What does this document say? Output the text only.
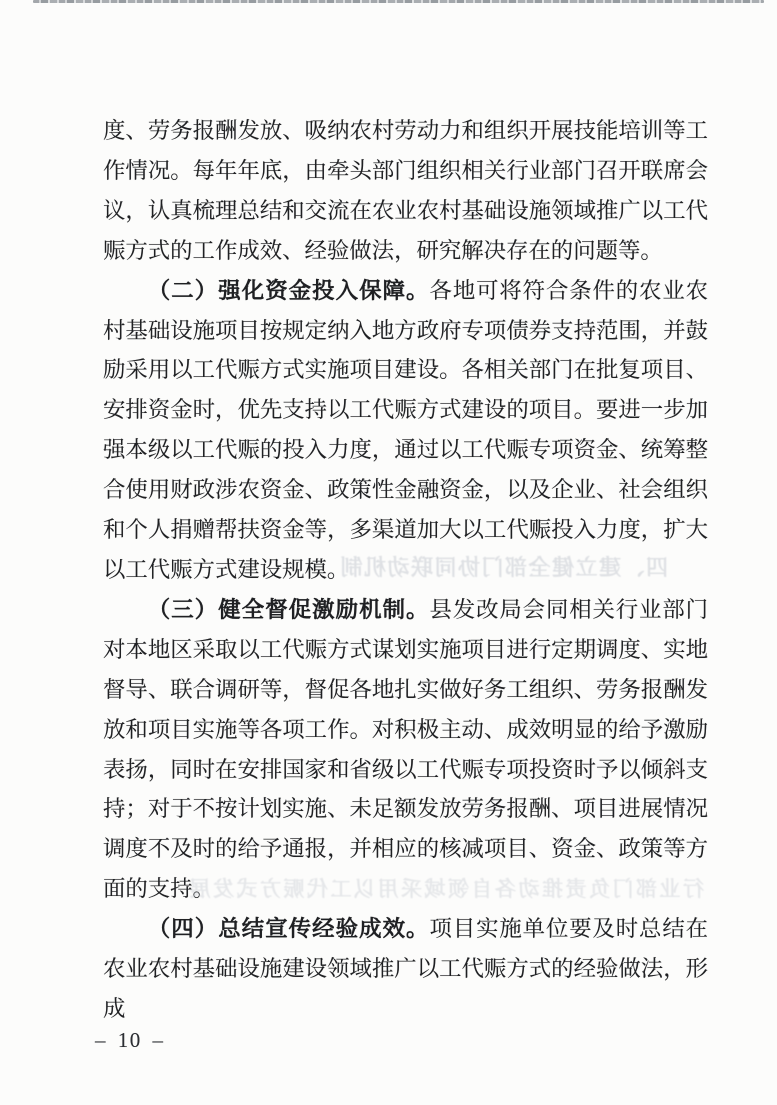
度、劳务报酬发放、吸纳农村劳动力和组织开展技能培训等工作情况。每年年底，由牵头部门组织相关行业部门召开联席会议，认真梳理总结和交流在农业农村基础设施领域推广以工代赈方式的工作成效、经验做法，研究解决存在的问题等。

（二）强化资金投入保障。各地可将符合条件的农业农村基础设施项目按规定纳入地方政府专项债券支持范围，并鼓励采用以工代赈方式实施项目建设。各相关部门在批复项目、安排资金时，优先支持以工代赈方式建设的项目。要进一步加强本级以工代赈的投入力度，通过以工代赈专项资金、统筹整合使用财政涉农资金、政策性金融资金，以及企业、社会组织和个人捐赠帮扶资金等，多渠道加大以工代赈投入力度，扩大以工代赈方式建设规模。

（三）健全督促激励机制。县发改局会同相关行业部门对本地区采取以工代赈方式谋划实施项目进行定期调度、实地督导、联合调研等，督促各地扎实做好务工组织、劳务报酬发放和项目实施等各项工作。对积极主动、成效明显的给予激励表扬，同时在安排国家和省级以工代赈专项投资时予以倾斜支持；对于不按计划实施、未足额发放劳务报酬、项目进展情况调度不及时的给予通报，并相应的核减项目、资金、政策等方面的支持。

（四）总结宣传经验成效。项目实施单位要及时总结在农业农村基础设施建设领域推广以工代赈方式的经验做法，形成

四、建立健全部门协同联动机制
行业部门负责推动各自领域采用以工代赈方式发展
– 10 –
